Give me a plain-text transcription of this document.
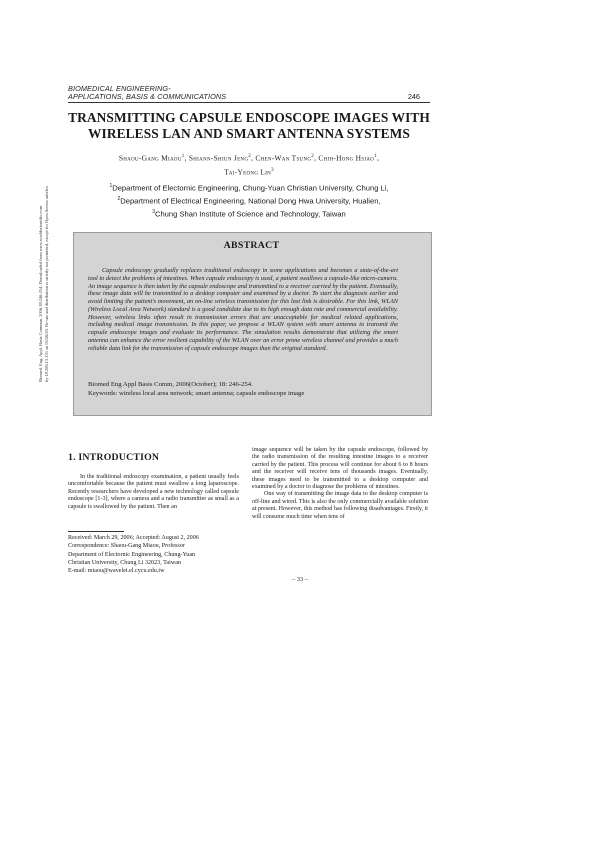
BIOMEDICAL ENGINEERING-
APPLICATIONS, BASIS & COMMUNICATIONS	246
TRANSMITTING CAPSULE ENDOSCOPE IMAGES WITH
WIRELESS LAN AND SMART ANTENNA SYSTEMS
Shaou-Gang Miaou$^1$, Shiann-Shiun Jeng$^2$, Chen-Wan Tsung$^2$, Chih-Hong Hsiao$^1$,
Tai-Yeong Lin$^3$
$^1$Department of Electornic Engineering, Chung-Yuan Christian University, Chung Li,
$^2$Department of Electrical Engineering, National Dong Hwa University, Hualien,
$^3$Chung Shan Institute of Science and Technology, Taiwan
Biomed. Eng. Appl. Basis Commun. 2006.18:246-254. Downloaded from www.worldscientific.com by 18.206.13.133 on 05/26/20. Re-use and distribution is strictly not permitted, except for Open Access articles.	ABSTRACT

Capsule endoscopy gradually replaces traditional endoscopy in some applications and becomes a state-of-the-art tool to detect the problems of intestines. When capsule endoscopy is used, a patient swallows a capsule-like micro-camera. An image sequence is then taken by the capsule endoscope and transmitted to a receiver carried by the patient. Eventually, these image data will be transmitted to a desktop computer and examined by a doctor. To start the diagnosis earlier and avoid limiting the patient's movement, an on-line wireless transmission for this last link is desirable. For this link, WLAN (Wireless Local Area Network) standard is a good candidate due to its high enough data rate and commercial availability. However, wireless links often result in transmission errors that are unacceptable for medical related applications, including medical image transmission. In this paper, we propose a WLAN system with smart antenna to transmit the capsule endoscope images and evaluate its performance. The simulation results demonstrate that utilizing the smart antenna can enhance the error resilient capability of the WLAN over an error prone wireless channel and provides a much reliable data link for the transmission of capsule endoscope images than the original standard.

Biomed Eng Appl Basis Comm, 2006(October); 18: 246-254.
Keywords: wireless local area network; smart antenna; capsule endoscope image
1. INTRODUCTION

In the traditional endoscopy examination, a patient usually feels uncomfortable because the patient must swallow a long laparoscope. Recently researchers have developed a new technology called capsule endoscope [1-3], where a camera and a radio transmitter as small as a capsule is swallowed by the patient. Then an

image sequence will be taken by the capsule endoscope, followed by the radio transmission of the resulting intestine images to a receiver carried by the patient. This process will continue for about 6 to 8 hours and the receiver will receive tens of thousands images. Eventually, these images need to be transmitted to a desktop computer and examined by a doctor to diagnose the problems of intestines.

One way of transmitting the image data to the desktop computer is off-line and wired. This is also the only commercially available solution at present. However, this method has following disadvantages. Firstly, it will consume much time when tens of

Received: March 29, 2006; Accepted: August 2, 2006
Correspondence: Shaou-Gang Miaou, Professor
Department of Electornic Engineering, Chung-Yuan
Christian University, Chung Li 32023, Taiwan
E-mail: miaou@wavelet.el.cycu.edu.tw
– 33 –
